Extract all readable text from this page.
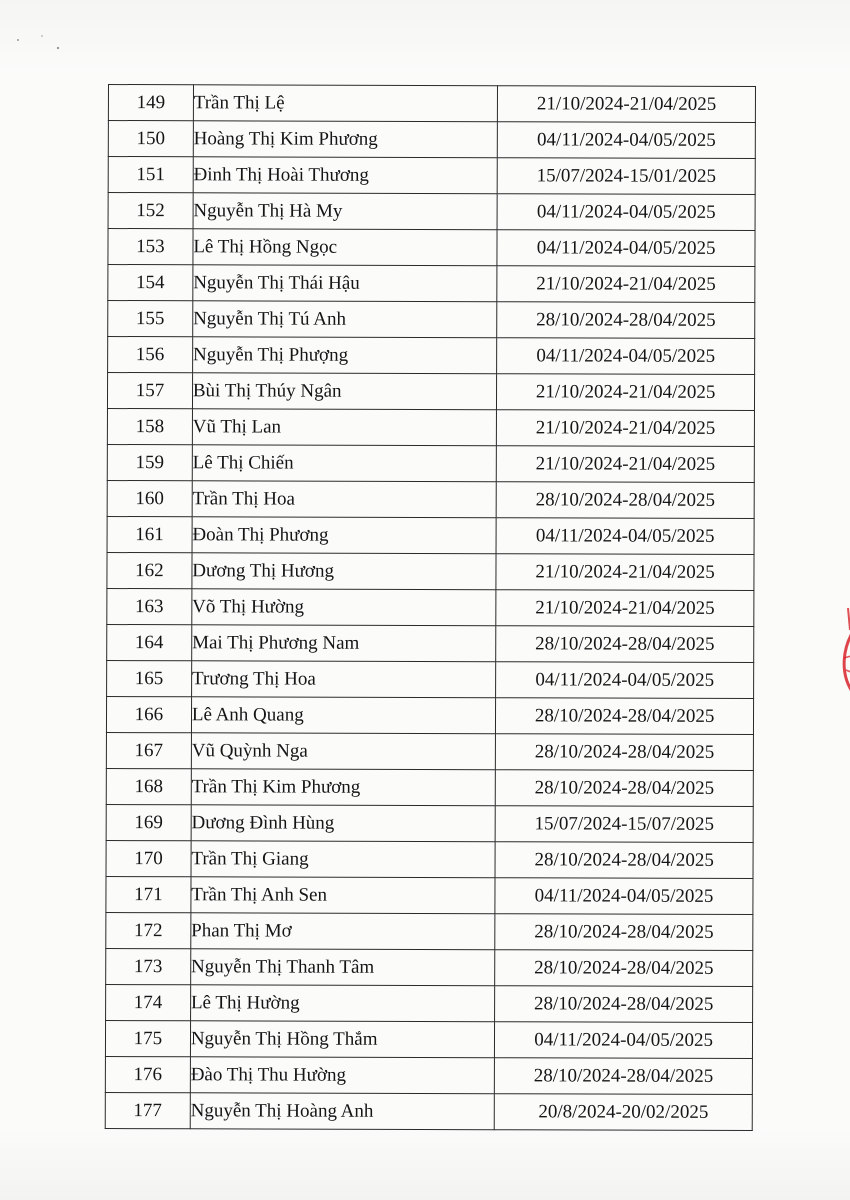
149	Trần Thị Lệ	21/10/2024-21/04/2025
150	Hoàng Thị Kim Phương	04/11/2024-04/05/2025
151	Đinh Thị Hoài Thương	15/07/2024-15/01/2025
152	Nguyễn Thị Hà My	04/11/2024-04/05/2025
153	Lê Thị Hồng Ngọc	04/11/2024-04/05/2025
154	Nguyễn Thị Thái Hậu	21/10/2024-21/04/2025
155	Nguyễn Thị Tú Anh	28/10/2024-28/04/2025
156	Nguyễn Thị Phượng	04/11/2024-04/05/2025
157	Bùi Thị Thúy Ngân	21/10/2024-21/04/2025
158	Vũ Thị Lan	21/10/2024-21/04/2025
159	Lê Thị Chiến	21/10/2024-21/04/2025
160	Trần Thị Hoa	28/10/2024-28/04/2025
161	Đoàn Thị Phương	04/11/2024-04/05/2025
162	Dương Thị Hương	21/10/2024-21/04/2025
163	Võ Thị Hường	21/10/2024-21/04/2025
164	Mai Thị Phương Nam	28/10/2024-28/04/2025
165	Trương Thị Hoa	04/11/2024-04/05/2025
166	Lê Anh Quang	28/10/2024-28/04/2025
167	Vũ Quỳnh Nga	28/10/2024-28/04/2025
168	Trần Thị Kim Phương	28/10/2024-28/04/2025
169	Dương Đình Hùng	15/07/2024-15/07/2025
170	Trần Thị Giang	28/10/2024-28/04/2025
171	Trần Thị Anh Sen	04/11/2024-04/05/2025
172	Phan Thị Mơ	28/10/2024-28/04/2025
173	Nguyễn Thị Thanh Tâm	28/10/2024-28/04/2025
174	Lê Thị Hường	28/10/2024-28/04/2025
175	Nguyễn Thị Hồng Thắm	04/11/2024-04/05/2025
176	Đào Thị Thu Hường	28/10/2024-28/04/2025
177	Nguyễn Thị Hoàng Anh	20/8/2024-20/02/2025
